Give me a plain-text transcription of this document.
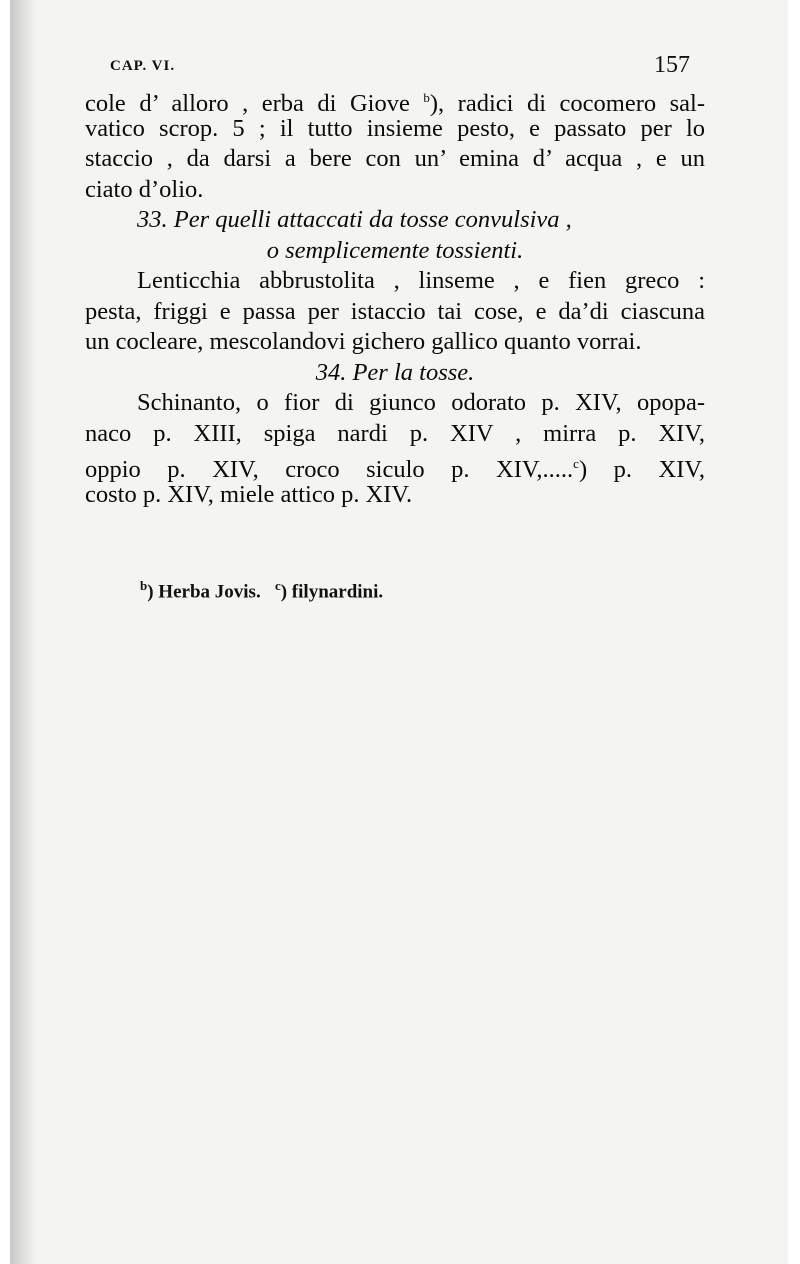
CAP. VI.	157
cole d’ alloro , erba di Giove $^b$), radici di cocomero sal-
vatico scrop. 5 ; il tutto insieme pesto, e passato per lo
staccio , da darsi a bere con un’ emina d’ acqua , e un
ciato d’olio.
33. Per quelli attaccati da tosse convulsiva ,
o semplicemente tossienti.
Lenticchia abbrustolita , linseme , e fien greco :
pesta, friggi e passa per istaccio tai cose, e da’di ciascuna
un cocleare, mescolandovi gichero gallico quanto vorrai.
34. Per la tosse.
Schinanto, o fior di giunco odorato p. XIV, opopa-
naco p. XIII, spiga nardi p. XIV , mirra p. XIV,
oppio p. XIV, croco siculo p. XIV,.....$^c$) p. XIV,
costo p. XIV, miele attico p. XIV.
$^b$) Herba Jovis. $^c$) filynardini.
